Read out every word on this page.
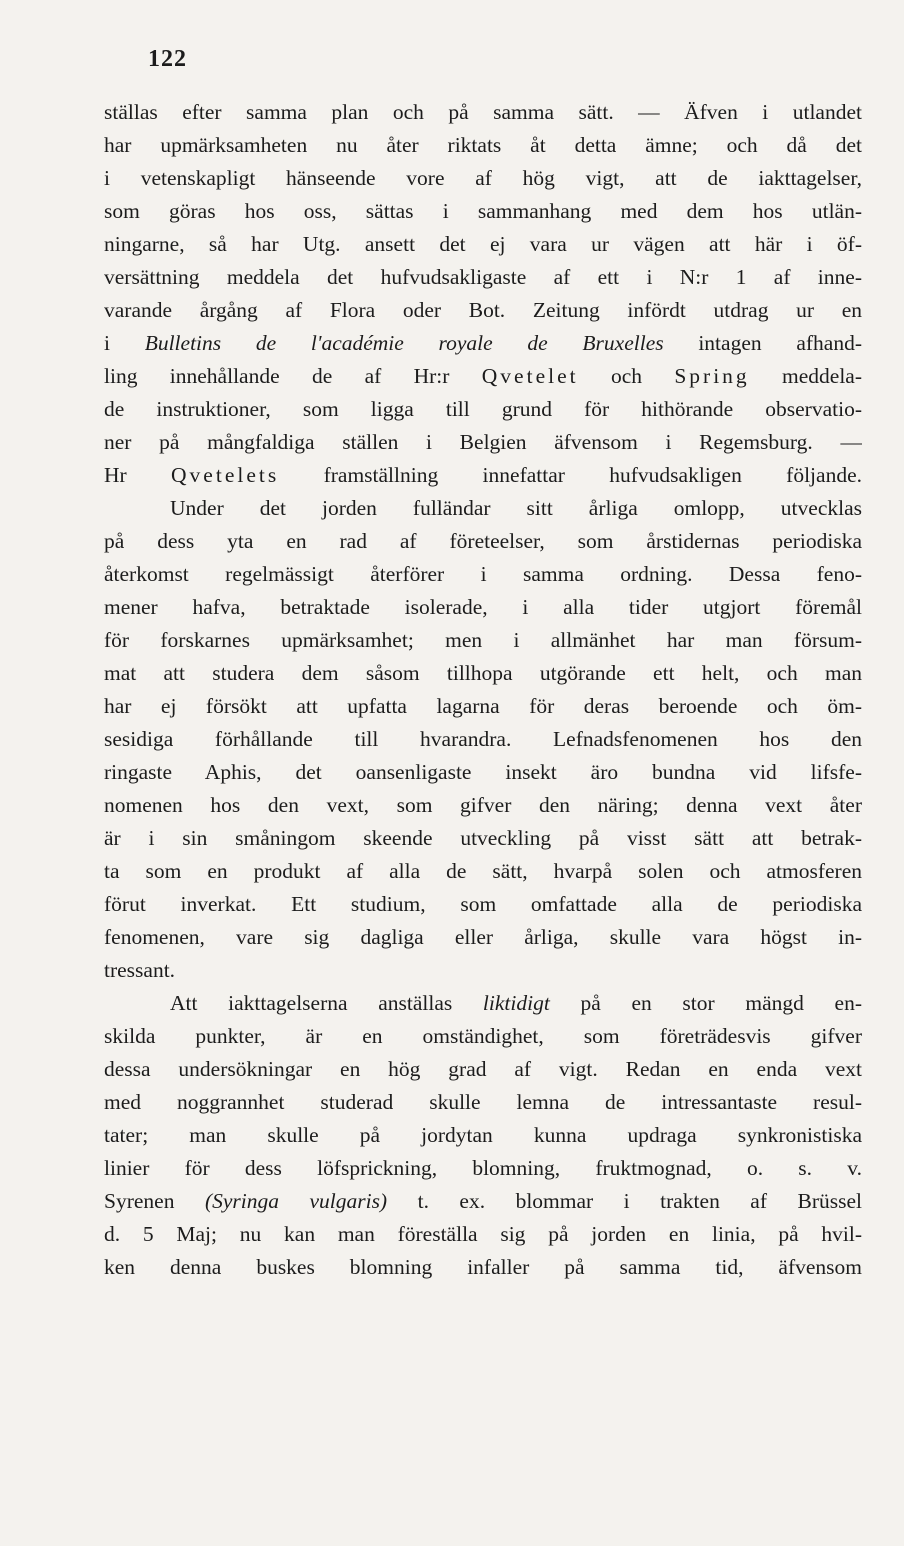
122
ställas efter samma plan och på samma sätt. — Äfven i utlandet
har upmärksamheten nu åter riktats åt detta ämne; och då det
i vetenskapligt hänseende vore af hög vigt, att de iakttagelser,
som göras hos oss, sättas i sammanhang med dem hos utlän-
ningarne, så har Utg. ansett det ej vara ur vägen att här i öf-
versättning meddela det hufvudsakligaste af ett i N:r 1 af inne-
varande årgång af Flora oder Bot. Zeitung infördt utdrag ur en
i Bulletins de l'académie royale de Bruxelles intagen afhand-
ling innehållande de af Hr:r Qvetelet och Spring meddela-
de instruktioner, som ligga till grund för hithörande observatio-
ner på mångfaldiga ställen i Belgien äfvensom i Regemsburg. —
Hr Qvetelets framställning innefattar hufvudsakligen följande.
Under det jorden fulländar sitt årliga omlopp, utvecklas
på dess yta en rad af företeelser, som årstidernas periodiska
återkomst regelmässigt återförer i samma ordning. Dessa feno-
mener hafva, betraktade isolerade, i alla tider utgjort föremål
för forskarnes upmärksamhet; men i allmänhet har man försum-
mat att studera dem såsom tillhopa utgörande ett helt, och man
har ej försökt att upfatta lagarna för deras beroende och öm-
sesidiga förhållande till hvarandra. Lefnadsfenomenen hos den
ringaste Aphis, det oansenligaste insekt äro bundna vid lifsfe-
nomenen hos den vext, som gifver den näring; denna vext åter
är i sin småningom skeende utveckling på visst sätt att betrak-
ta som en produkt af alla de sätt, hvarpå solen och atmosferen
förut inverkat. Ett studium, som omfattade alla de periodiska
fenomenen, vare sig dagliga eller årliga, skulle vara högst in-
tressant.
Att iakttagelserna anställas liktidigt på en stor mängd en-
skilda punkter, är en omständighet, som företrädesvis gifver
dessa undersökningar en hög grad af vigt. Redan en enda vext
med noggrannhet studerad skulle lemna de intressantaste resul-
tater; man skulle på jordytan kunna updraga synkronistiska
linier för dess löfsprickning, blomning, fruktmognad, o. s. v.
Syrenen (Syringa vulgaris) t. ex. blommar i trakten af Brüssel
d. 5 Maj; nu kan man föreställa sig på jorden en linia, på hvil-
ken denna buskes blomning infaller på samma tid, äfvensom
